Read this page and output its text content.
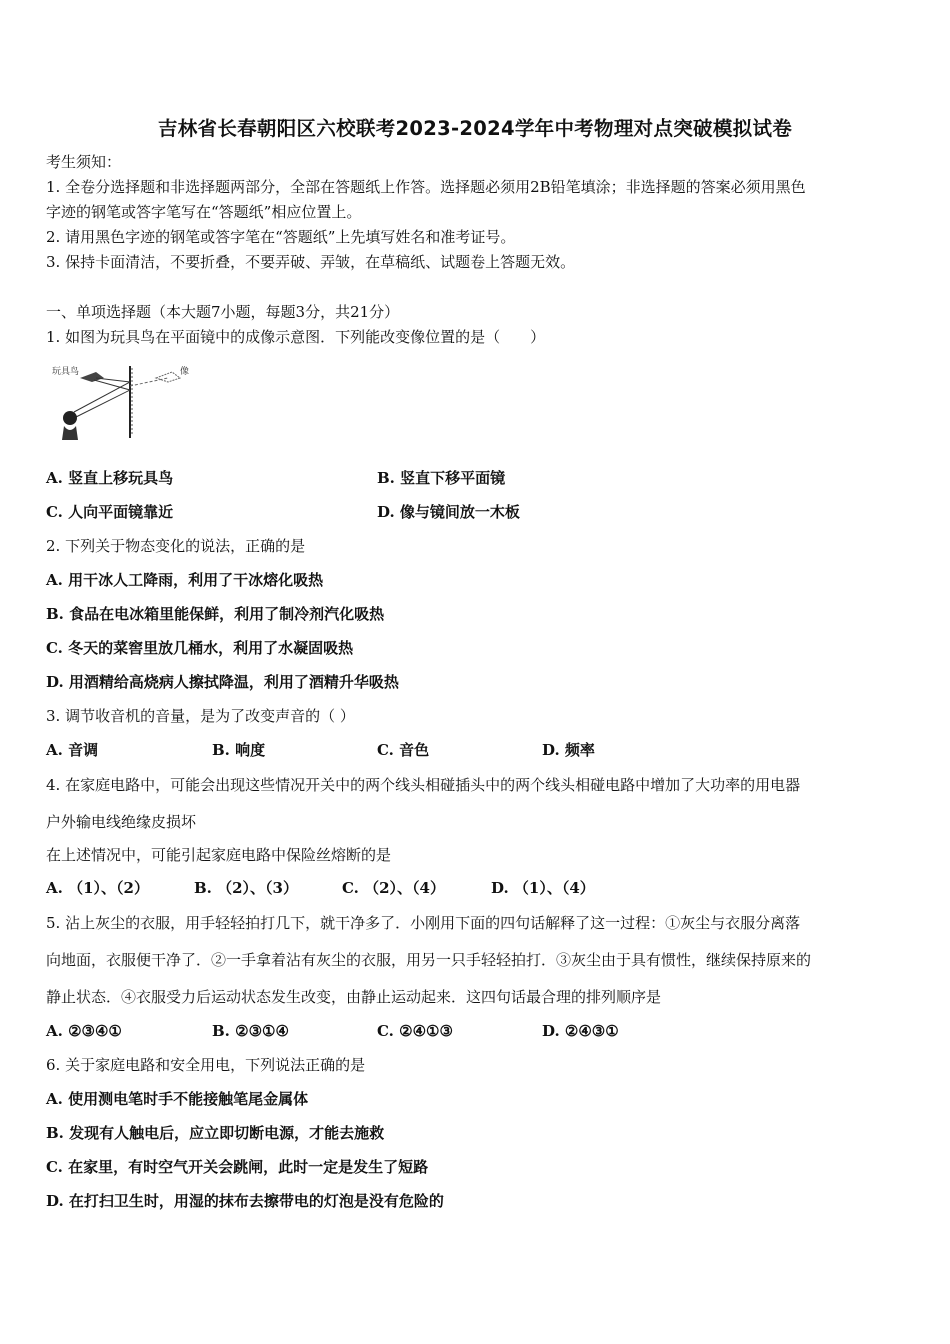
吉林省长春朝阳区六校联考2023-2024学年中考物理对点突破模拟试卷
考生须知：
1. 全卷分选择题和非选择题两部分，全部在答题纸上作答。选择题必须用2B铅笔填涂；非选择题的答案必须用黑色
字迹的钢笔或答字笔写在“答题纸”相应位置上。
2. 请用黑色字迹的钢笔或答字笔在“答题纸”上先填写姓名和准考证号。
3. 保持卡面清洁，不要折叠，不要弄破、弄皱，在草稿纸、试题卷上答题无效。
一、单项选择题（本大题7小题，每题3分，共21分）
1. 如图为玩具鸟在平面镜中的成像示意图．下列能改变像位置的是（　　）
玩具鸟	像
A. 竖直上移玩具鸟	B. 竖直下移平面镜
C. 人向平面镜靠近	D. 像与镜间放一木板
2. 下列关于物态变化的说法，正确的是
A. 用干冰人工降雨，利用了干冰熔化吸热
B. 食品在电冰箱里能保鲜，利用了制冷剂汽化吸热
C. 冬天的菜窖里放几桶水，利用了水凝固吸热
D. 用酒精给高烧病人擦拭降温，利用了酒精升华吸热
3. 调节收音机的音量，是为了改变声音的（ ）
A. 音调	B. 响度	C. 音色	D. 频率
4. 在家庭电路中，可能会出现这些情况开关中的两个线头相碰插头中的两个线头相碰电路中增加了大功率的用电器
户外输电线绝缘皮损坏
在上述情况中，可能引起家庭电路中保险丝熔断的是
A. （1）、（2）	B. （2）、（3）	C. （2）、（4）	D. （1）、（4）
5. 沾上灰尘的衣服，用手轻轻拍打几下，就干净多了．小刚用下面的四句话解释了这一过程：①灰尘与衣服分离落
向地面，衣服便干净了．②一手拿着沾有灰尘的衣服，用另一只手轻轻拍打．③灰尘由于具有惯性，继续保持原来的
静止状态．④衣服受力后运动状态发生改变，由静止运动起来．这四句话最合理的排列顺序是
A. ②③④①	B. ②③①④	C. ②④①③	D. ②④③①
6. 关于家庭电路和安全用电，下列说法正确的是
A. 使用测电笔时手不能接触笔尾金属体
B. 发现有人触电后，应立即切断电源，才能去施救
C. 在家里，有时空气开关会跳闸，此时一定是发生了短路
D. 在打扫卫生时，用湿的抹布去擦带电的灯泡是没有危险的
